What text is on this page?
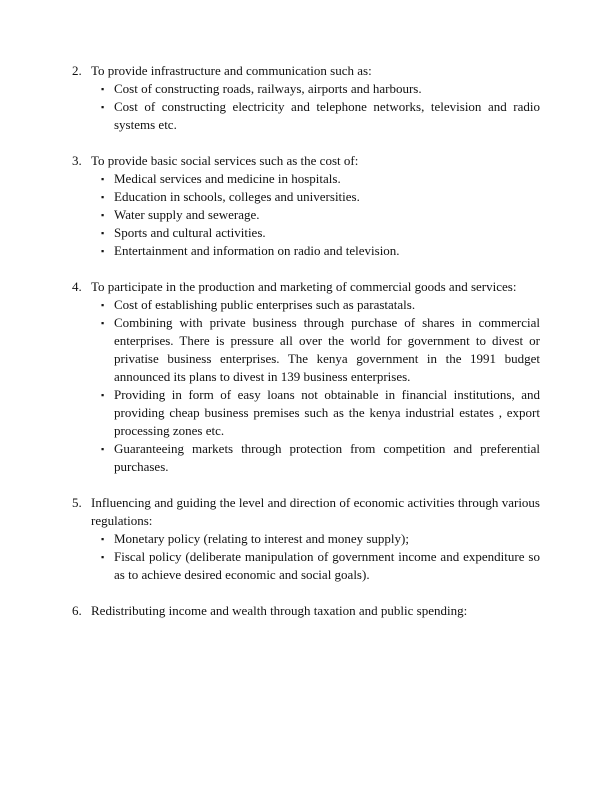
2. To provide infrastructure and communication such as:
▪ Cost of constructing roads, railways, airports and harbours.
▪ Cost of constructing electricity and telephone networks, television and radio systems etc.
3. To provide basic social services such as the cost of:
▪ Medical services and medicine in hospitals.
▪ Education in schools, colleges and universities.
▪ Water supply and sewerage.
▪ Sports and cultural activities.
▪ Entertainment and information on radio and television.
4. To participate in the production and marketing of commercial goods and services:
▪ Cost of establishing public enterprises such as parastatals.
▪ Combining with private business through purchase of shares in commercial enterprises. There is pressure all over the world for government to divest or privatise business enterprises. The kenya government in the 1991 budget announced its plans to divest in 139 business enterprises.
▪ Providing in form of easy loans not obtainable in financial institutions, and providing cheap business premises such as the kenya industrial estates , export processing zones etc.
▪ Guaranteeing markets through protection from competition and preferential purchases.
5. Influencing and guiding the level and direction of economic activities through various regulations:
▪ Monetary policy (relating to interest and money supply);
▪ Fiscal policy (deliberate manipulation of government income and expenditure so as to achieve desired economic and social goals).
6. Redistributing income and wealth through taxation and public spending:
